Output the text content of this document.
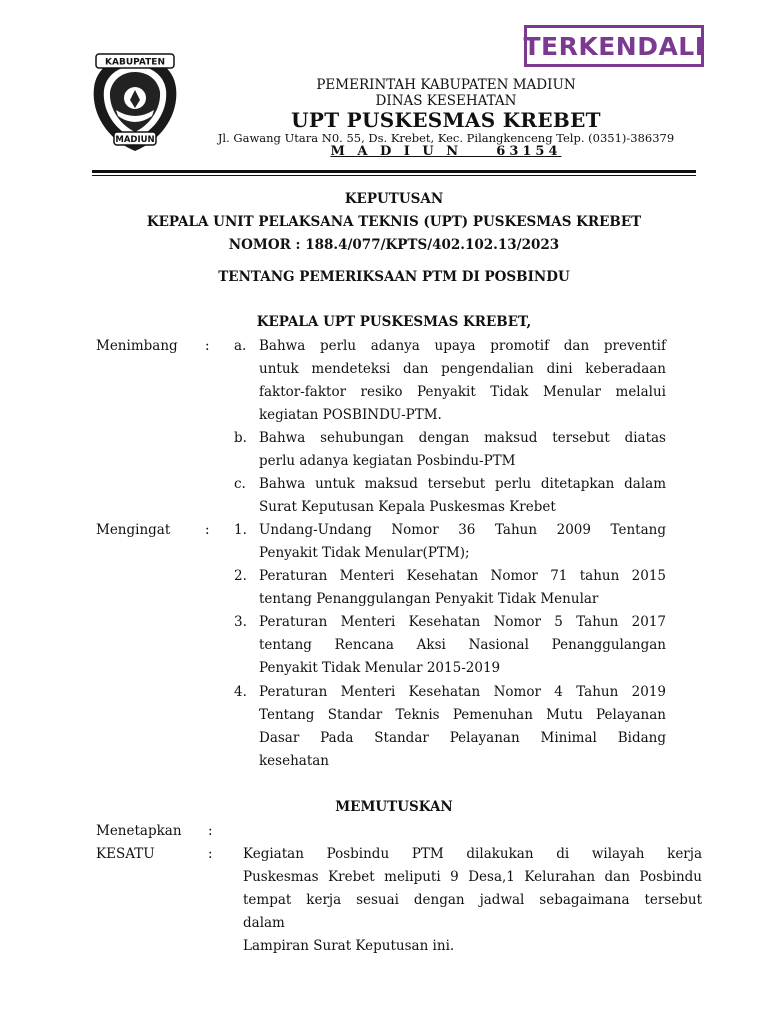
TERKENDALI
KABUPATEN
MADIUN
PEMERINTAH KABUPATEN MADIUN
DINAS KESEHATAN
UPT PUSKESMAS KREBET
Jl. Gawang Utara N0. 55, Ds. Krebet, Kec. Pilangkenceng Telp. (0351)-386379
M A D I U N    63154
KEPUTUSAN
KEPALA UNIT PELAKSANA TEKNIS (UPT) PUSKESMAS KREBET
NOMOR : 188.4/077/KPTS/402.102.13/2023
TENTANG PEMERIKSAAN PTM DI POSBINDU
KEPALA UPT PUSKESMAS KREBET,
Menimbang : a. Bahwa perlu adanya upaya promotif dan preventif
untuk mendeteksi dan pengendalian dini keberadaan
faktor-faktor resiko Penyakit Tidak Menular melalui
kegiatan POSBINDU-PTM.
b. Bahwa sehubungan dengan maksud tersebut diatas
perlu adanya kegiatan Posbindu-PTM
c. Bahwa untuk maksud tersebut perlu ditetapkan dalam
Surat Keputusan Kepala Puskesmas Krebet
Mengingat	: 1. Undang-Undang Nomor 36 Tahun 2009 Tentang
Penyakit Tidak Menular(PTM);
2. Peraturan Menteri Kesehatan Nomor 71 tahun 2015
tentang Penanggulangan Penyakit Tidak Menular
3. Peraturan Menteri Kesehatan Nomor 5 Tahun 2017
tentang Rencana Aksi Nasional Penanggulangan
Penyakit Tidak Menular 2015-2019
4. Peraturan Menteri Kesehatan Nomor 4 Tahun 2019
Tentang Standar Teknis Pemenuhan Mutu Pelayanan
Dasar Pada Standar Pelayanan Minimal Bidang
kesehatan
MEMUTUSKAN
Menetapkan :
KESATU	: Kegiatan Posbindu PTM dilakukan di wilayah kerja
Puskesmas Krebet meliputi 9 Desa,1 Kelurahan dan Posbindu
tempat kerja sesuai dengan jadwal sebagaimana tersebut
dalam
Lampiran Surat Keputusan ini.
